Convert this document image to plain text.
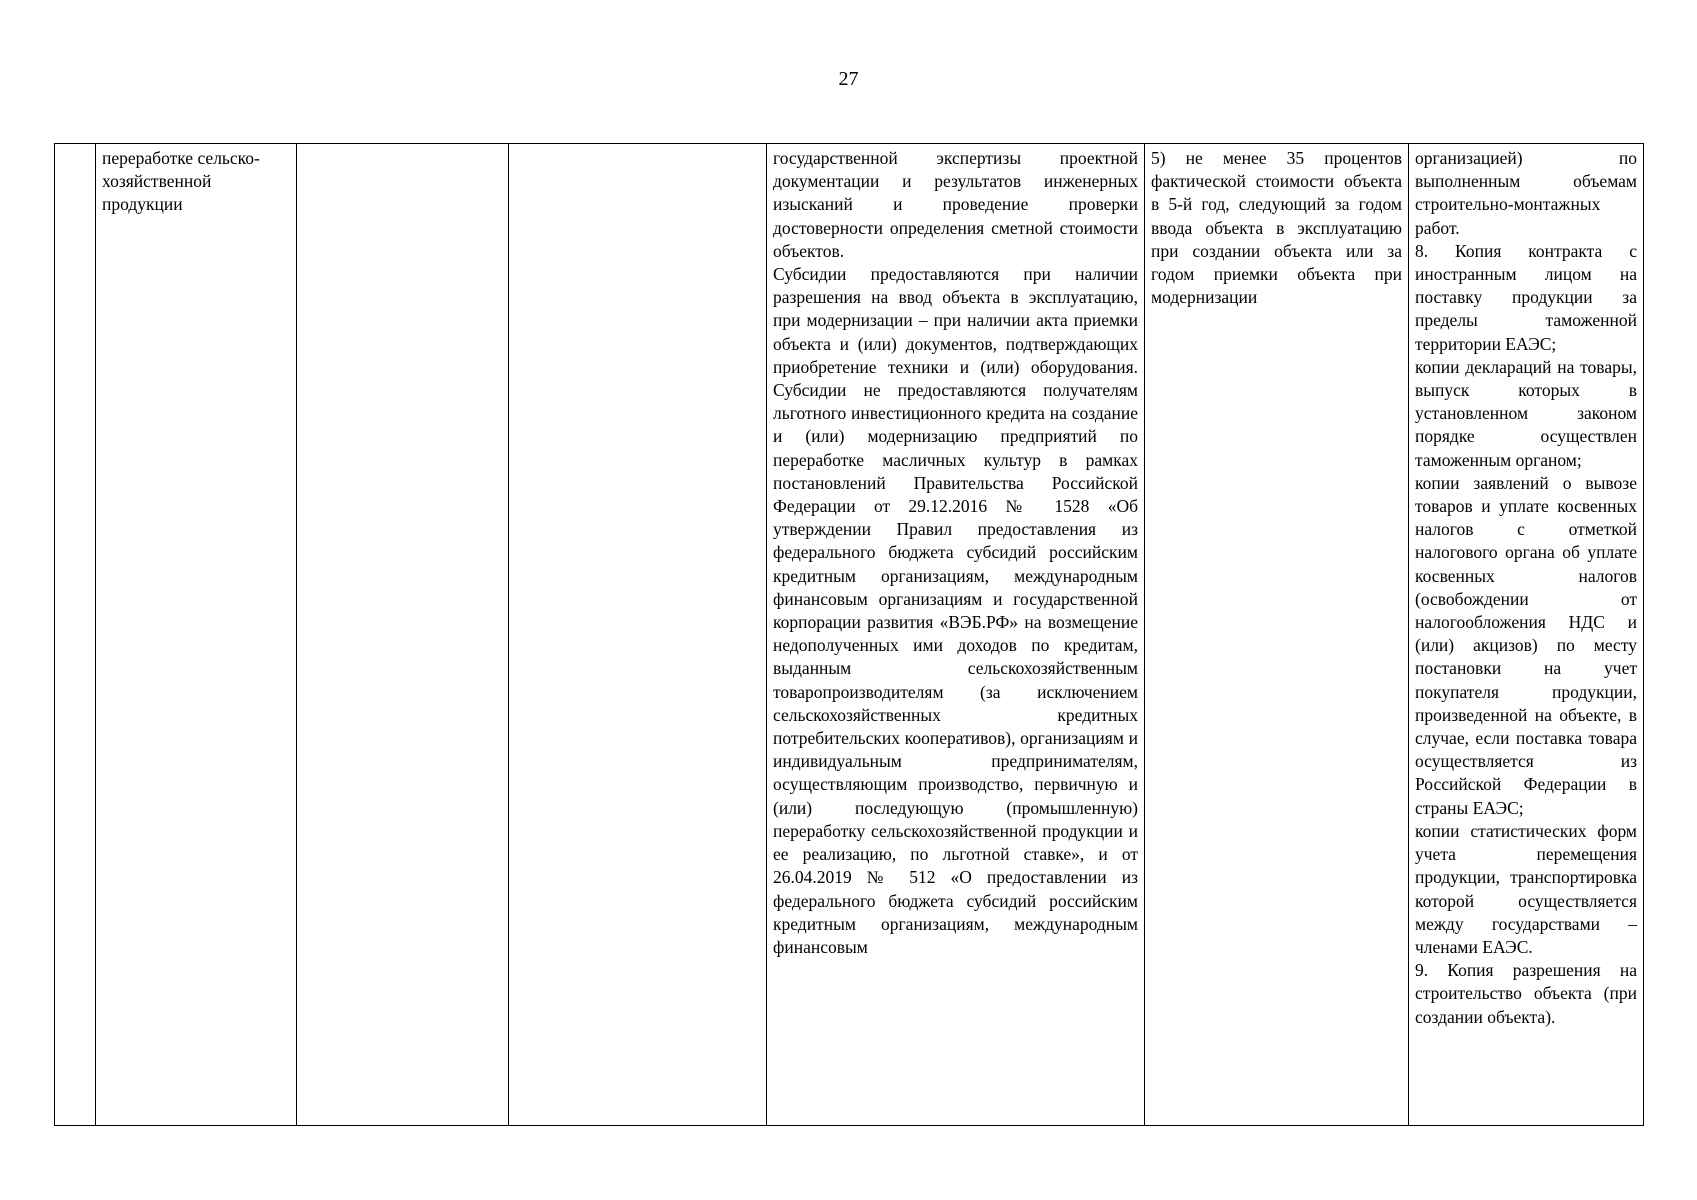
27
	переработке сельско-
хозяйственной
продукции			государственной экспертизы проектной документации и результатов инженерных изысканий и проведение проверки достоверности определения сметной стоимости объектов.
Субсидии предоставляются при наличии разрешения на ввод объекта в эксплуатацию, при модернизации – при наличии акта приемки объекта и (или) документов, подтверждающих приобретение техники и (или) оборудования.
Субсидии не предоставляются получателям льготного инвестиционного кредита на создание и (или) модернизацию предприятий по переработке масличных культур в рамках постановлений Правительства Российской Федерации от 29.12.2016 № 1528 «Об утверждении Правил предоставления из федерального бюджета субсидий российским кредитным организациям, международным финансовым организациям и государственной корпорации развития «ВЭБ.РФ» на возмещение недополученных ими доходов по кредитам, выданным сельскохозяйственным товаропроизводителям (за исключением сельскохозяйственных кредитных потребительских кооперативов), организациям и индивидуальным предпринимателям, осуществляющим производство, первичную и (или) последующую (промышленную) переработку сельскохозяйственной продукции и ее реализацию, по льготной ставке», и от 26.04.2019 № 512 «О предоставлении из федерального бюджета субсидий российским кредитным организациям, международным финансовым	5) не менее 35 процентов фактической стоимости объекта в 5-й год, следующий за годом ввода объекта в эксплуатацию при создании объекта или за годом приемки объекта при модернизации	организацией) по выполненным объемам строительно-монтажных работ.
8. Копия контракта с иностранным лицом на поставку продукции за пределы таможенной территории ЕАЭС;
копии деклараций на товары, выпуск которых в установленном законом порядке осуществлен таможенным органом;
копии заявлений о вывозе товаров и уплате косвенных налогов с отметкой налогового органа об уплате косвенных налогов (освобождении от налогообложения НДС и (или) акцизов) по месту постановки на учет покупателя продукции, произведенной на объекте, в случае, если поставка товара осуществляется из Российской Федерации в страны ЕАЭС;
копии статистических форм учета перемещения продукции, транспортировка которой осуществляется между государствами – членами ЕАЭС.
9. Копия разрешения на строительство объекта (при создании объекта).
